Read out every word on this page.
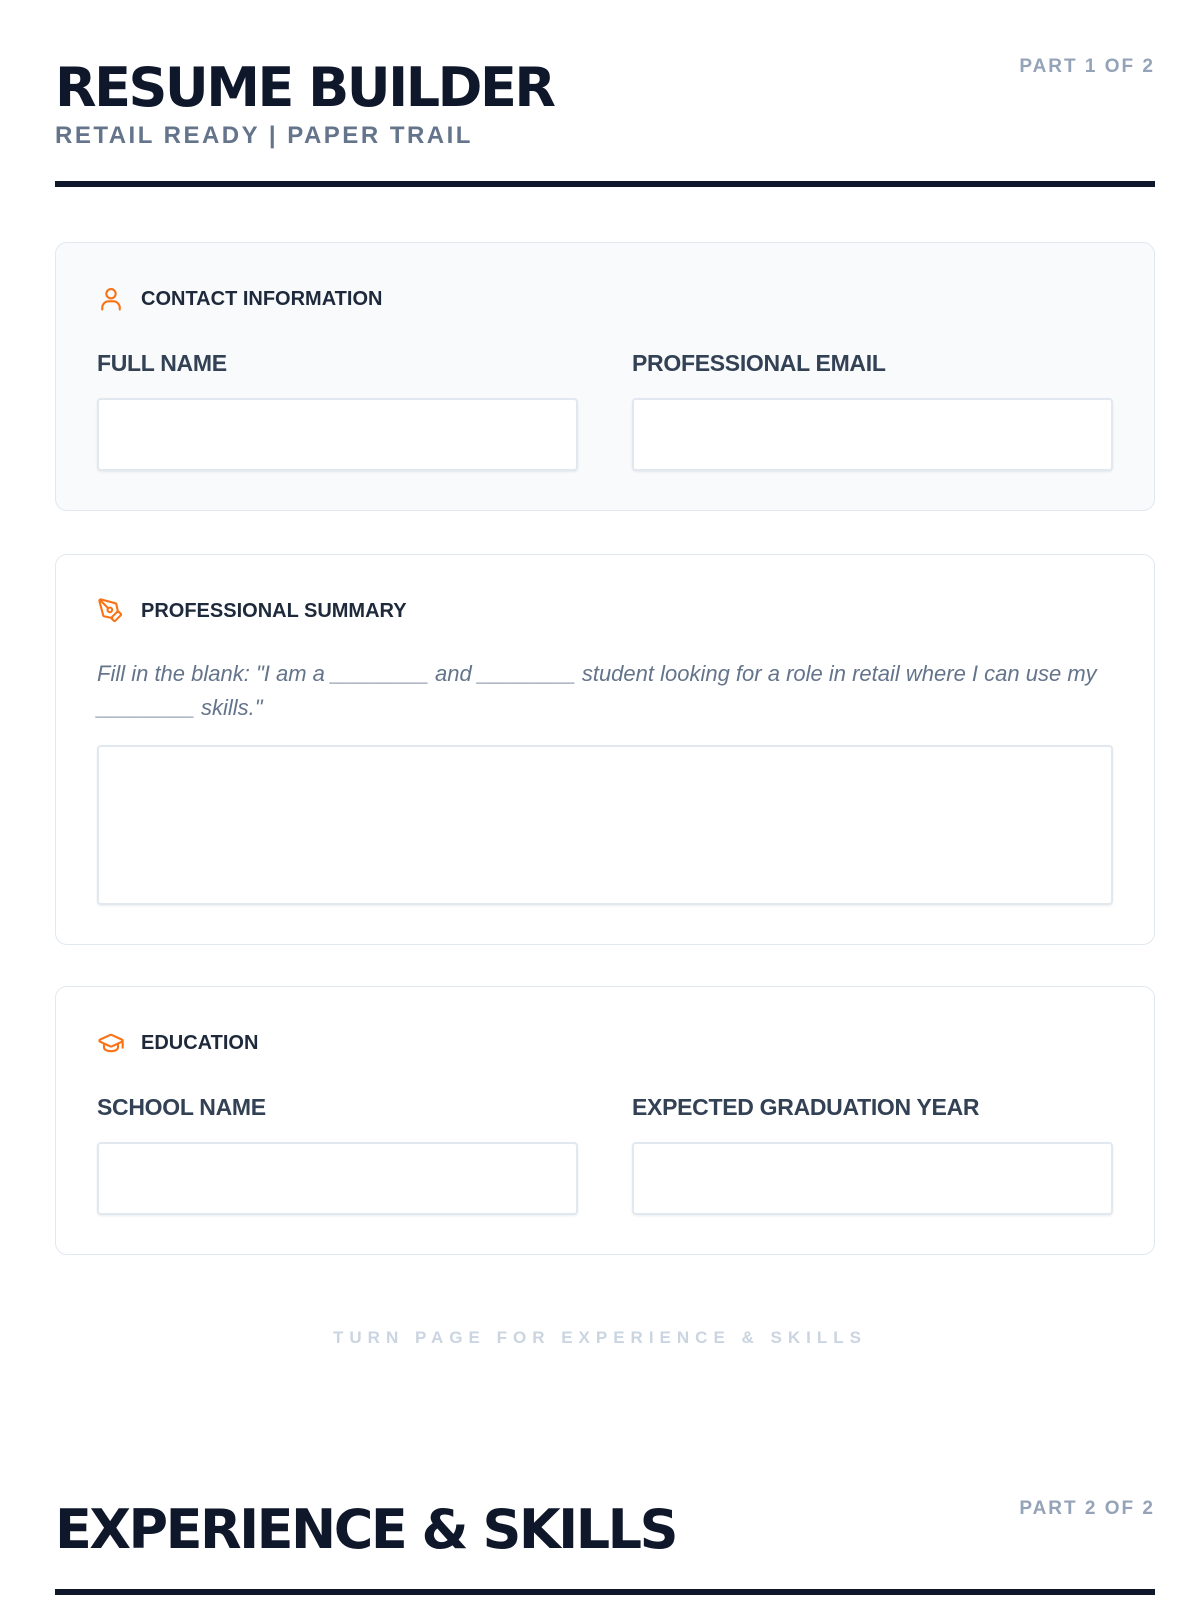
RESUME BUILDER
RETAIL READY | PAPER TRAIL
PART 1 OF 2
CONTACT INFORMATION
FULL NAME	PROFESSIONAL EMAIL
PROFESSIONAL SUMMARY

Fill in the blank: "I am a ________ and ________ student looking for a role in retail where I can use my ________ skills."

EDUCATION
SCHOOL NAME	EXPECTED GRADUATION YEAR
TURN PAGE FOR EXPERIENCE & SKILLS
EXPERIENCE & SKILLS	PART 2 OF 2
